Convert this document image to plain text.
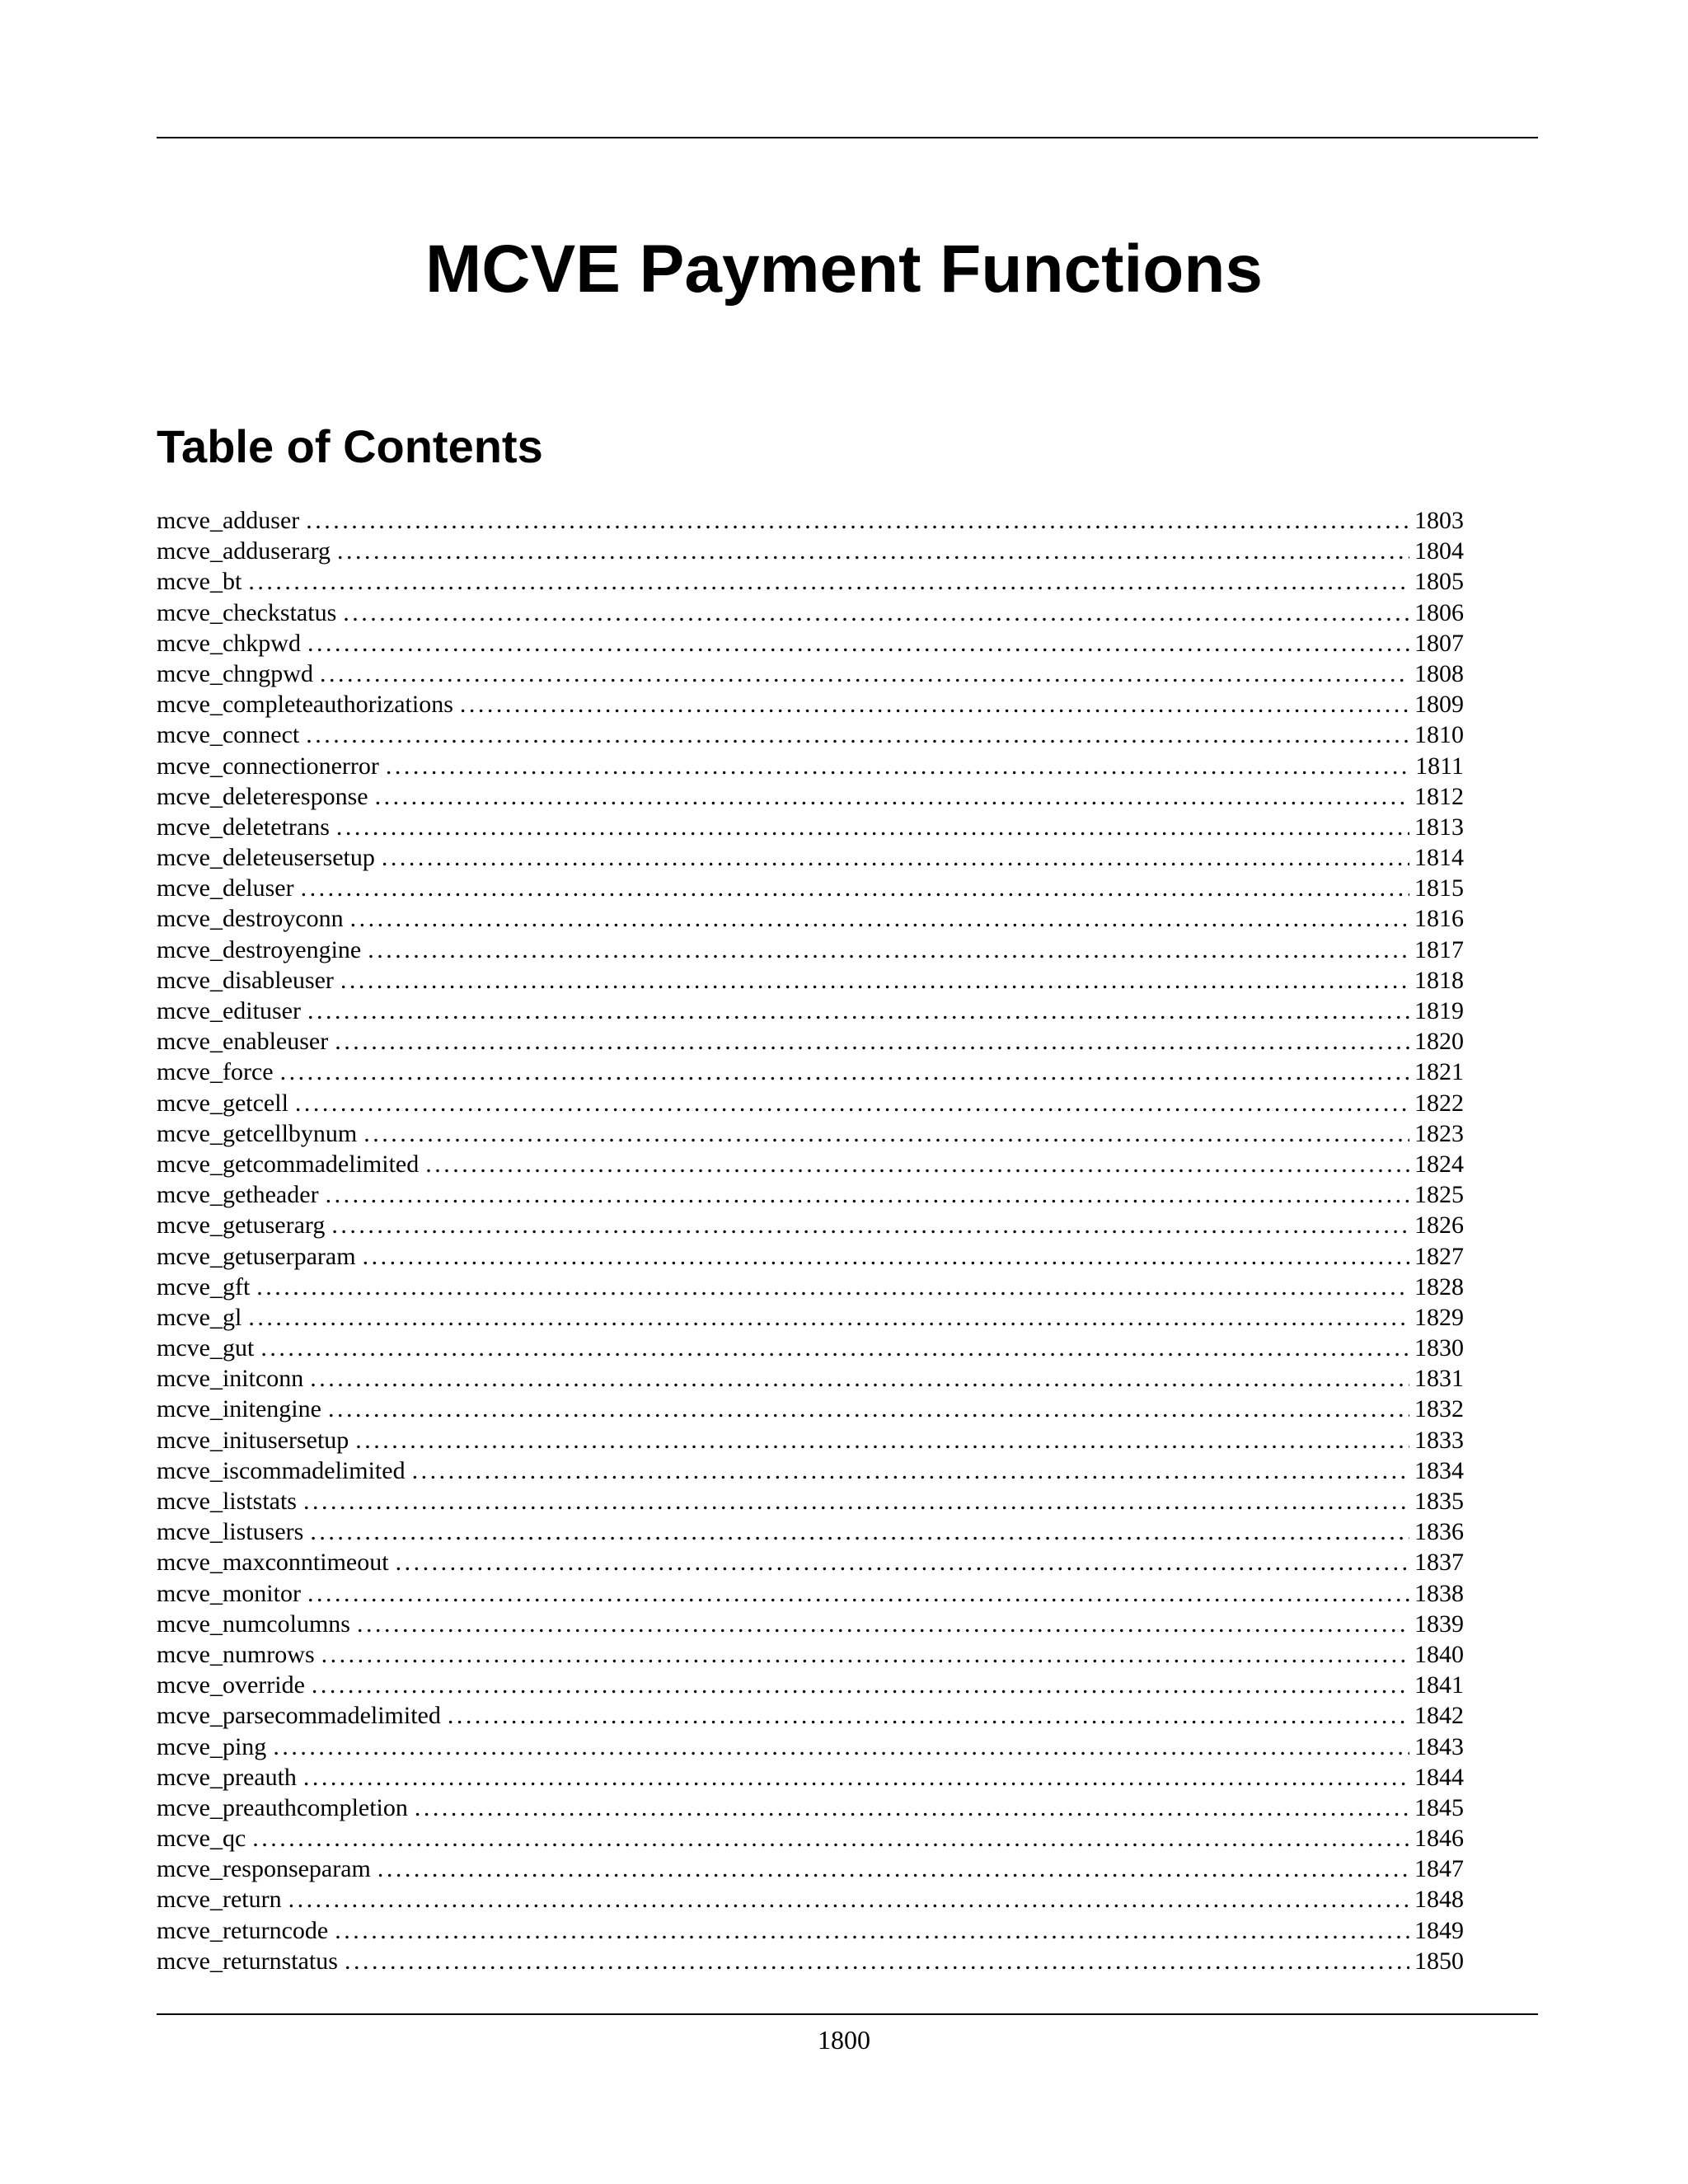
MCVE Payment Functions
Table of Contents
mcve_adduser . . .	1803
mcve_adduserarg . . .	1804
mcve_bt . . .	1805
mcve_checkstatus . . .	1806
mcve_chkpwd . . .	1807
mcve_chngpwd . . .	1808
mcve_completeauthorizations . . .	1809
mcve_connect . . .	1810
mcve_connectionerror . . .	1811
mcve_deleteresponse . . .	1812
mcve_deletetrans . . .	1813
mcve_deleteusersetup . . .	1814
mcve_deluser . . .	1815
mcve_destroyconn . . .	1816
mcve_destroyengine . . .	1817
mcve_disableuser . . .	1818
mcve_edituser . . .	1819
mcve_enableuser . . .	1820
mcve_force . . .	1821
mcve_getcell . . .	1822
mcve_getcellbynum . . .	1823
mcve_getcommadelimited . . .	1824
mcve_getheader . . .	1825
mcve_getuserarg . . .	1826
mcve_getuserparam . . .	1827
mcve_gft . . .	1828
mcve_gl . . .	1829
mcve_gut . . .	1830
mcve_initconn . . .	1831
mcve_initengine . . .	1832
mcve_initusersetup . . .	1833
mcve_iscommadelimited . . .	1834
mcve_liststats . . .	1835
mcve_listusers . . .	1836
mcve_maxconntimeout . . .	1837
mcve_monitor . . .	1838
mcve_numcolumns . . .	1839
mcve_numrows . . .	1840
mcve_override . . .	1841
mcve_parsecommadelimited . . .	1842
mcve_ping . . .	1843
mcve_preauth . . .	1844
mcve_preauthcompletion . . .	1845
mcve_qc . . .	1846
mcve_responseparam . . .	1847
mcve_return . . .	1848
mcve_returncode . . .	1849
mcve_returnstatus . . .	1850
1800
